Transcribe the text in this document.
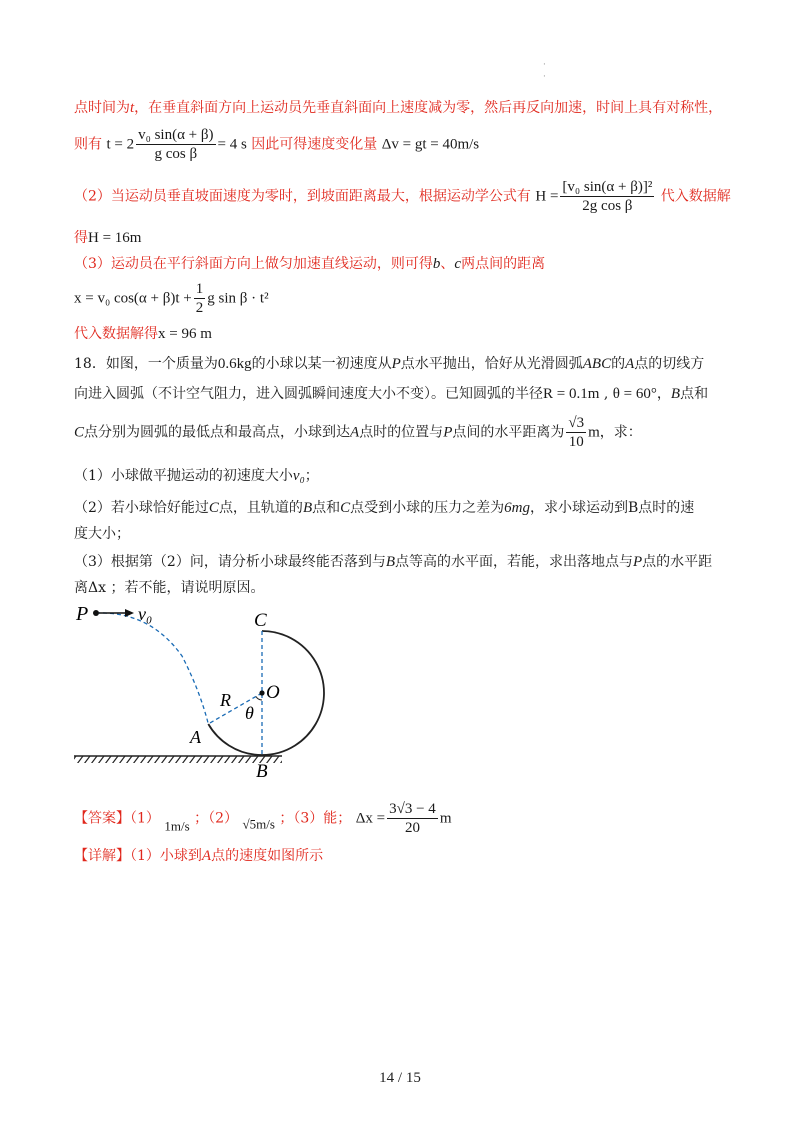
·
·
点时间为t，在垂直斜面方向上运动员先垂直斜面向上速度减为零，然后再反向加速，时间上具有对称性，
则有 $t = 2 \frac{\text{v₀ sin(α + β)}}{\text{g cos β}} = 4$ s 因此可得速度变化量 Δv = gt = 40m/s
（2）当运动员垂直坡面速度为零时，到坡面距离最大，根据运动学公式有 $H = \frac{\text{[v₀ sin(α + β)]²}}{\text{2g cos β}}$ 代入数据解
得H = 16m
（3）运动员在平行斜面方向上做匀加速直线运动，则可得b、c两点间的距离
x = v₀ $\cos(\alpha + \beta)t + \frac{1}{2}$ g sin β · t²
代入数据解得x = 96 m
18．如图，一个质量为0.6kg的小球以某一初速度从P点水平抛出，恰好从光滑圆弧ABC的A点的切线方
向进入圆弧（不计空气阻力，进入圆弧瞬间速度大小不变）。已知圆弧的半径R = 0.1m , θ = 60°，B点和
C点分别为圆弧的最低点和最高点，小球到达A点时的位置与P点间的水平距离为 $\frac{√3}{10}$ m，求：
（1）小球做平抛运动的初速度大小v₀；
（2）若小球恰好能过C点，且轨道的B点和C点受到小球的压力之差为6mg，求小球运动到B点时的速
度大小；
（3）根据第（2）问，请分析小球最终能否落到与B点等高的水平面，若能，求出落地点与P点的水平距
离Δx ；若不能，请说明原因。
P	v₀	C
O
R
θ
A
B
【答案】（1） 1m/s ；（2） √5m/s ；（3）能； $\Delta x = \frac{3√3 - 4}{20}$ m
【详解】（1）小球到A点的速度如图所示
14 / 15
